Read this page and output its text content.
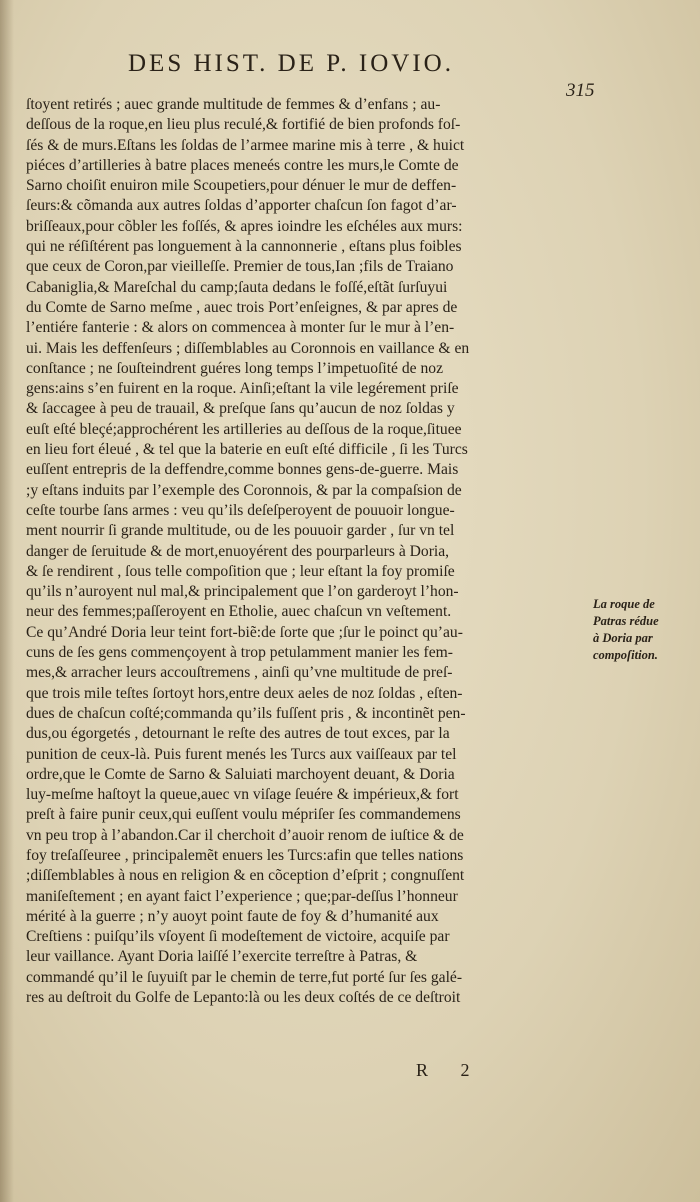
DES HIST. DE P. IOVIO.
315
ſtoyent retirés ; auec grande multitude de femmes & d’enfans ; au-
deſſous de la roque,en lieu plus reculé,& fortifié de bien profonds foſ-
ſés & de murs.Eſtans les ſoldas de l’armee marine mis à terre , & huict
piéces d’artilleries à batre places meneés contre les murs,le Comte de
Sarno choiſit enuiron mile Scoupetiers,pour dénuer le mur de deffen-
ſeurs:& cõmanda aux autres ſoldas d’apporter chaſcun ſon fagot d’ar-
briſſeaux,pour cõbler les foſſés, & apres ioindre les eſchéles aux murs:
qui ne réſiſtérent pas longuement à la cannonnerie , eſtans plus foibles
que ceux de Coron,par vieilleſſe. Premier de tous,Ian ;fils de Traiano
Cabaniglia,& Mareſchal du camp;ſauta dedans le foſſé,eſtãt ſurſuyui
du Comte de Sarno meſme , auec trois Port’enſeignes, & par apres de
l’entiére fanterie : & alors on commencea à monter ſur le mur à l’en-
ui. Mais les deffenſeurs ; diſſemblables au Coronnois en vaillance & en
conſtance ; ne ſouſteindrent guéres long temps l’impetuoſité de noz
gens:ains s’en fuirent en la roque. Ainſi;eſtant la vile legérement priſe
& ſaccagee à peu de trauail, & preſque ſans qu’aucun de noz ſoldas y
euſt eſté bleçé;approchérent les artilleries au deſſous de la roque,ſituee
en lieu fort éleué , & tel que la baterie en euſt eſté difficile , ſi les Turcs
euſſent entrepris de la deffendre,comme bonnes gens-de-guerre. Mais
;y eſtans induits par l’exemple des Coronnois, & par la compaſsion de
ceſte tourbe ſans armes : veu qu’ils deſeſperoyent de pouuoir longue-
ment nourrir ſi grande multitude, ou de les pouuoir garder , ſur vn tel
danger de ſeruitude & de mort,enuoyérent des pourparleurs à Doria,
& ſe rendirent , ſous telle compoſition que ; leur eſtant la foy promiſe
qu’ils n’auroyent nul mal,& principalement que l’on garderoyt l’hon-
neur des femmes;paſſeroyent en Etholie, auec chaſcun vn veſtement.
Ce qu’André Doria leur teint fort-biẽ:de ſorte que ;ſur le poinct qu’au-
cuns de ſes gens commençoyent à trop petulamment manier les fem-
mes,& arracher leurs accouſtremens , ainſi qu’vne multitude de preſ-
que trois mile teſtes ſortoyt hors,entre deux aeles de noz ſoldas , eſten-
dues de chaſcun coſté;commanda qu’ils fuſſent pris , & incontinẽt pen-
dus,ou égorgetés , detournant le reſte des autres de tout exces, par la
punition de ceux-là. Puis furent menés les Turcs aux vaiſſeaux par tel
ordre,que le Comte de Sarno & Saluiati marchoyent deuant, & Doria
luy-meſme haſtoyt la queue,auec vn viſage ſeuére & impérieux,& fort
preſt à faire punir ceux,qui euſſent voulu mépriſer ſes commandemens
vn peu trop à l’abandon.Car il cherchoit d’auoir renom de iuſtice & de
foy treſaſſeuree , principalemẽt enuers les Turcs:afin que telles nations
;diſſemblables à nous en religion & en cõception d’eſprit ; congnuſſent
maniſeſtement ; en ayant faict l’experience ; que;par-deſſus l’honneur
mérité à la guerre ; n’y auoyt point faute de foy & d’humanité aux
Creſtiens : puiſqu’ils vſoyent ſi modeſtement de victoire, acquiſe par
leur vaillance. Ayant Doria laiſſé l’exercite terreſtre à Patras, &
commandé qu’il le ſuyuiſt par le chemin de terre,fut porté ſur ſes galé-
res au deſtroit du Golfe de Lepanto:là ou les deux coſtés de ce deſtroit
La roque de
Patras rédue
à Doria par
compoſition.
R 2
